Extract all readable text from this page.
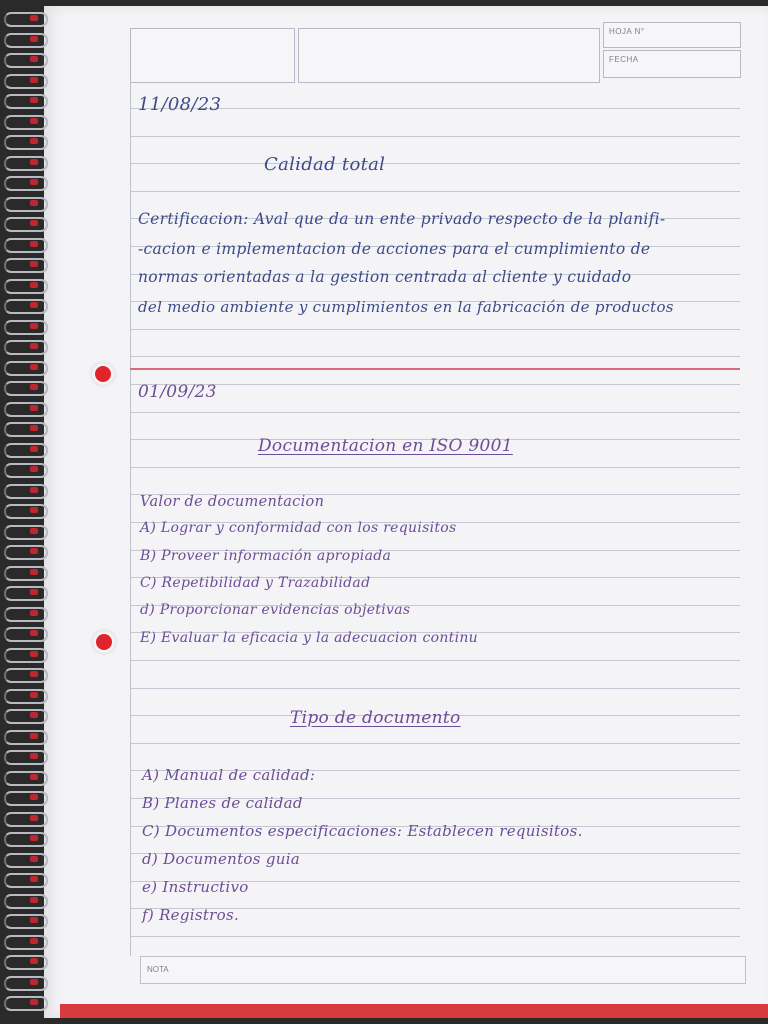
HOJA N°
FECHA
11/08/23
Calidad total
Certificacion: Aval que da un ente privado respecto de la planifi-
-cacion e implementacion de acciones para el cumplimiento de
normas orientadas a la gestion centrada al cliente y cuidado
del medio ambiente y cumplimientos en la fabricación de productos
01/09/23
Documentacion en ISO 9001
Valor de documentacion
A) Lograr y conformidad con los requisitos
B) Proveer información apropiada
C) Repetibilidad y Trazabilidad
d) Proporcionar evidencias objetivas
E) Evaluar la eficacia y la adecuacion continu
Tipo de documento
A) Manual de calidad:
B) Planes de calidad
C) Documentos especificaciones: Establecen requisitos.
d) Documentos guia
e) Instructivo
f) Registros.
NOTA
